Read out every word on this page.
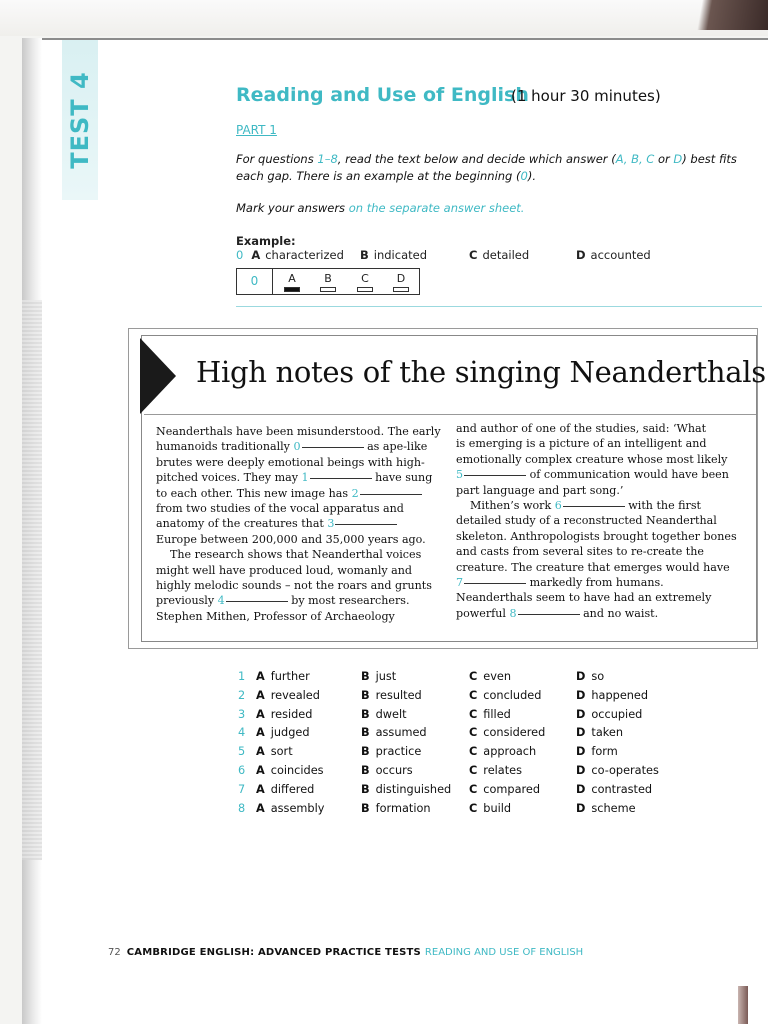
TEST 4	Reading and Use of English
(1 hour 30 minutes)
PART 1
For questions 1–8, read the text below and decide which answer (A, B, C or D) best fits each gap. There is an example at the beginning (0).
Mark your answers on the separate answer sheet.
Example:
0 A characterized B indicated	C detailed	D accounted
0	A	B	C	D
High notes of the singing Neanderthals

Neanderthals have been misunderstood. The early

humanoids traditionally 0	as ape-like

brutes were deeply emotional beings with high-

pitched voices. They may 1	have sung

to each other. This new image has 2

from two studies of the vocal apparatus and

anatomy of the creatures that 3

Europe between 200,000 and 35,000 years ago.

The research shows that Neanderthal voices

might well have produced loud, womanly and

highly melodic sounds – not the roars and grunts

previously 4	by most researchers.

Stephen Mithen, Professor of Archaeology

and author of one of the studies, said: ‘What

is emerging is a picture of an intelligent and

emotionally complex creature whose most likely

5	of communication would have been

part language and part song.’

Mithen’s work 6	with the first

detailed study of a reconstructed Neanderthal

skeleton. Anthropologists brought together bones

and casts from several sites to re-create the

creature. The creature that emerges would have

7	markedly from humans.

Neanderthals seem to have had an extremely

powerful 8	and no waist.

1 A further	B just	C even	D so
2 A revealed	B resulted	C concluded	D happened
3 A resided	B dwelt	C filled	D occupied
4 A judged	B assumed	C considered	D taken
5 A sort	B practice	C approach	D form
6 A coincides	B occurs	C relates	D co-operates
7 A differed	B distinguished C compared	D contrasted
8 A assembly	B formation	C build	D scheme
72 CAMBRIDGE ENGLISH: ADVANCED PRACTICE TESTS READING AND USE OF ENGLISH
